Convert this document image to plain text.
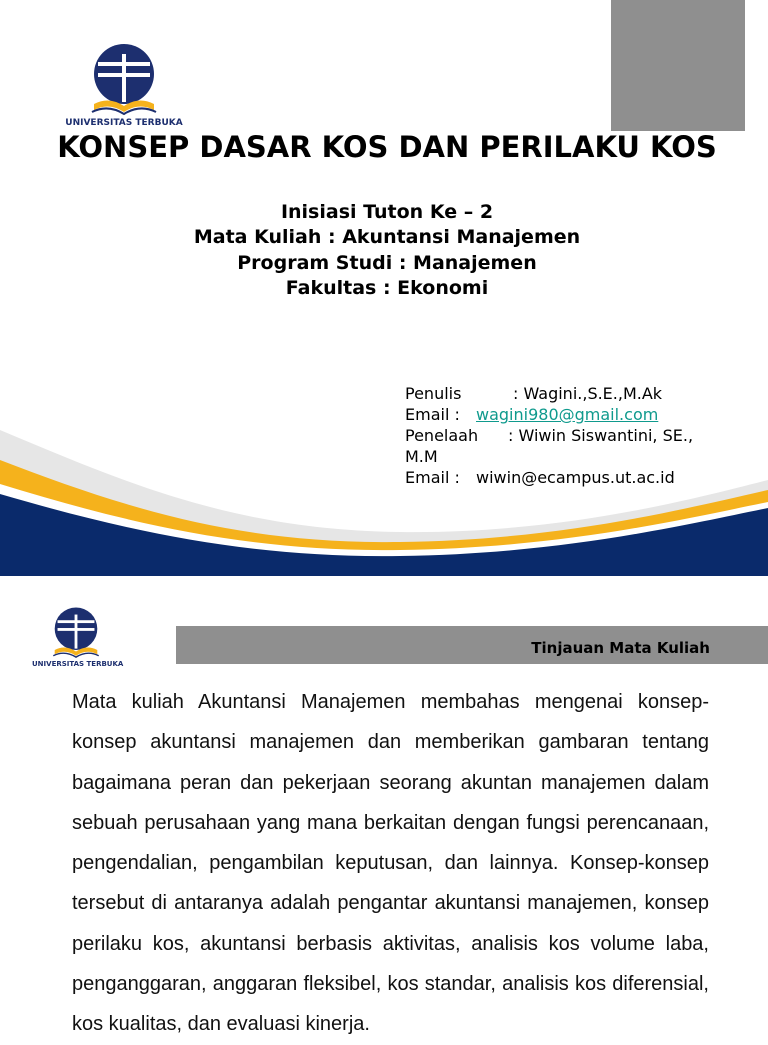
UNIVERSITAS TERBUKA
KONSEP DASAR KOS DAN PERILAKU KOS
Inisiasi Tuton Ke – 2
Mata Kuliah : Akuntansi Manajemen
Program Studi : Manajemen
Fakultas : Ekonomi
Penulis	: Wagini.,S.E.,M.Ak
Email : wagini980@gmail.com
Penelaah : Wiwin Siswantini, SE.,
M.M
Email : wiwin@ecampus.ut.ac.id
UNIVERSITAS TERBUKA
Tinjauan Mata Kuliah
Mata kuliah Akuntansi Manajemen membahas mengenai konsep-konsep akuntansi manajemen dan memberikan gambaran tentang bagaimana peran dan pekerjaan seorang akuntan manajemen dalam sebuah perusahaan yang mana berkaitan dengan fungsi perencanaan, pengendalian, pengambilan keputusan, dan lainnya. Konsep-konsep tersebut di antaranya adalah pengantar akuntansi manajemen, konsep perilaku kos, akuntansi berbasis aktivitas, analisis kos volume laba, penganggaran, anggaran fleksibel, kos standar, analisis kos diferensial, kos kualitas, dan evaluasi kinerja.
